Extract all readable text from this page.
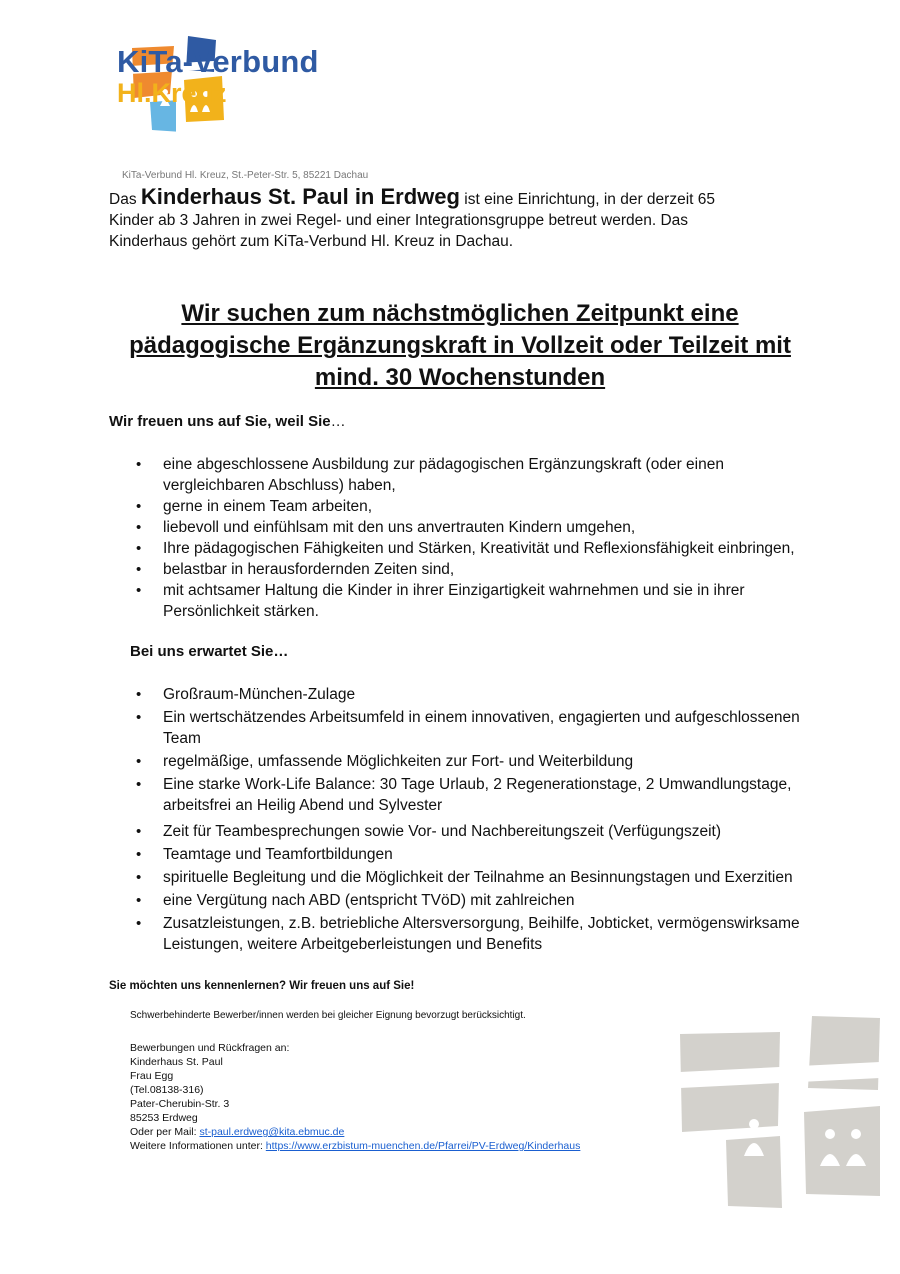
KiTa-Verbund
Hl.Kreuz
KiTa-Verbund Hl. Kreuz, St.-Peter-Str. 5, 85221 Dachau
Das Kinderhaus St. Paul in Erdweg ist eine Einrichtung, in der derzeit 65 Kinder ab 3 Jahren in zwei Regel- und einer Integrationsgruppe betreut werden. Das Kinderhaus gehört zum KiTa-Verbund Hl. Kreuz in Dachau.
Wir suchen zum nächstmöglichen Zeitpunkt eine pädagogische Ergänzungskraft in Vollzeit oder Teilzeit mit mind. 30 Wochenstunden
Wir freuen uns auf Sie, weil Sie…
• eine abgeschlossene Ausbildung zur pädagogischen Ergänzungskraft (oder einen vergleichbaren Abschluss) haben,
• gerne in einem Team arbeiten,
• liebevoll und einfühlsam mit den uns anvertrauten Kindern umgehen,
• Ihre pädagogischen Fähigkeiten und Stärken, Kreativität und Reflexionsfähigkeit einbringen,
• belastbar in herausfordernden Zeiten sind,
• mit achtsamer Haltung die Kinder in ihrer Einzigartigkeit wahrnehmen und sie in ihrer Persönlichkeit stärken.
Bei uns erwartet Sie…
• Großraum-München-Zulage
• Ein wertschätzendes Arbeitsumfeld in einem innovativen, engagierten und aufgeschlossenen Team
• regelmäßige, umfassende Möglichkeiten zur Fort- und Weiterbildung
• Eine starke Work-Life Balance: 30 Tage Urlaub, 2 Regenerationstage, 2 Umwandlungstage, arbeitsfrei an Heilig Abend und Sylvester
• Zeit für Teambesprechungen sowie Vor- und Nachbereitungszeit (Verfügungszeit)
• Teamtage und Teamfortbildungen
• spirituelle Begleitung und die Möglichkeit der Teilnahme an Besinnungstagen und Exerzitien
• eine Vergütung nach ABD (entspricht TVöD) mit zahlreichen
• Zusatzleistungen, z.B. betriebliche Altersversorgung, Beihilfe, Jobticket, vermögenswirksame Leistungen, weitere Arbeitgeberleistungen und Benefits
Sie möchten uns kennenlernen? Wir freuen uns auf Sie!
Schwerbehinderte Bewerber/innen werden bei gleicher Eignung bevorzugt berücksichtigt.
Bewerbungen und Rückfragen an:
Kinderhaus St. Paul
Frau Egg
(Tel.08138-316)
Pater-Cherubin-Str. 3
85253 Erdweg
Oder per Mail: st-paul.erdweg@kita.ebmuc.de
Weitere Informationen unter: https://www.erzbistum-muenchen.de/Pfarrei/PV-Erdweg/Kinderhaus
